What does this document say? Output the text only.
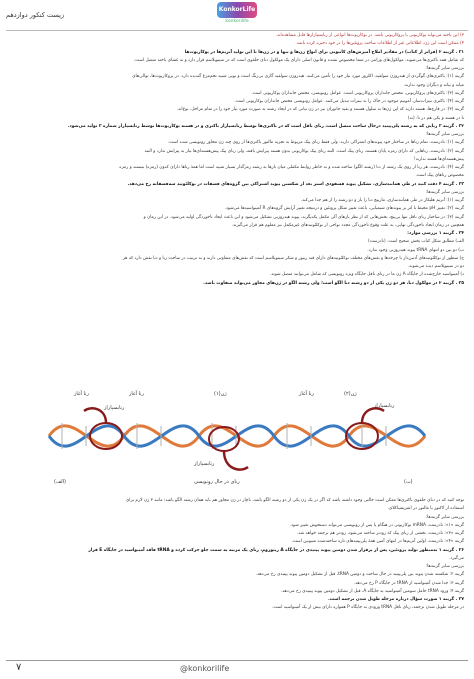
زیست کنکور دوازدهم
KonkorLife
konkorilife

۳) این یاخته می‌تواند یوکاریوتی یا پروکاریوتی باشد. در یوکاریوت‌ها انواعی از رنابسپارازها قابل مشاهده‌اند.

۴) ممکن است این ژن، اطلاعاتی غیر از اطلاعات ساخت پروتئین‌ها را در خود ذخیره کرده باشد.

۳۱ . گزینه ۲ (فراتر از کتاب) در مقادیر املاح آمیزش‌های کاتیونی برای انواع ژن‌ها و تنها و در ژن‌ها تا این تولید آنزیم‌ها در یوکاریوت‌ها

که شامل همه باکتری‌ها می‌شوند. مولکول‌های وراثتی در شما مخصوص نشده و قانون اصلی دارای یک مولکول دنای حلقوی است که در سیتوپلاسم قرار دارد و به غشای یاخته متصل است.

بررسی سایر گزینه‌ها:

گزینه (۱): باکتری‌های گوگردی از هیدروژن سولفید، اکلروز مورد نیاز خود را تأمین می‌کنند. هیدروژن سولفید گازی بی‌رنگ است و بویی شبیه تخم‌مرغ گندیده دارد. در پروکاریوت‌ها، توالی‌های

میانه و بیانه و دیگران وجود ندارند.

گزینه (۳): باکتری‌های پروکاریوتی، مختص جانداران پروکاریوتی است. عوامل رونویسی، مختص جانداران یوکاریوتی است.

گزینه (۴): باکتری نیترات‌ساز، آمونیم موجود در خاک را به نیترات تبدیل می‌کنند. عوامل رونویسی مختص جانداران یوکاریوتی است.

گزینه (۳): در قارچ‌ها، هسته دارند که این ژن‌ها به سلول هستند و بقیه جانوران نیز در ژن بیانی که در ایجاد رشته به صورت مورد نیاز خود را در تمام مراحل، نوع‌اند.

تا در هسته و یکی هم در تا. (نه)

۳۲ . گزینه ۳ رنایی که به رشته پلی‌پپتید درحال ساخت متصل است، رنای ناقل است که در باکتری‌ها توسط رنابسپاراز باکتری و در هسته یوکاریوت‌ها توسط رنابسپاراز شماره ۳ تولید می‌شود.

بررسی سایر گزینه‌ها:

گزینه (۱): نادرست، تمام رناها در ساختار خود پیوندهای اشتراکی دارند. ولی فقط رنای پیک مربوط به تجزیه مالتوز باکتری‌ها از روی چند ژن مجاور رونویسی شده است.

گزینه (۲): نادرست، رناهایی که دارای رمزه پایان هستند، رنای پیک است. البته رنای پیک یوکاریوتی بدون هسته پیرایش یافته، ولی رنای پیک پیش‌هسته‌ای‌ها نیاز به پیرایش ندارد و البته

پیش‌هسته‌ای‌ها هسته ندارند!

گزینه (۴): نادرست، هر رنا از روی یک رشته از دنا (رشته الگو) ساخته شده و به خاطر روابط مکملی میان بازها به رشته رمزگذار بسیار شبیه است اما همهٔ رناها دارای کدون (رمزه) نیستند و رمزه

مخصوص رناهای پیک است.

۳۳ . گزینه ۴ دقت کنید در طی همانندسازی، تشکیل پیوند فسفودی استر بعد از شکستن پیوند اشتراکی بین گروه‌های فسفات در نوکلئوتید سه‌فسفاته رخ می‌دهد.

بررسی سایر گزینه‌ها:

گزینه (۱): آنزیم هلیکاز در طی همانندسازی، مارپیچ دنا را باز و دو رشته را از هم جدا می‌کند.

گزینه (۲): تغییر pH محیط با اثر بر پیوندهای شیمیایی، باعث تغییر شکل پروتئین و درنتیجه تغییر آرایش گروه‌های R آمینواسیدها می‌شود.

گزینه (۳): در ساختار رنای ناقل تنها بی‌پیچ، بخش‌هایی که از نظر بازهای آلی مکمل یکدیگرند، پیوند هیدروژنی تشکیل می‌شود و این باعث ایجاد تاخوردگی اولیه می‌شود. در این زمان و

همچنین در زمان ایجاد تاخوردگی نهایی، به علت وقوع تاخوردگی مجدد نواحی از نوکلئوتیدهای غیرمکمل نیز معلوم هم قرار می‌گیرند.

۳۴ . گزینه ۱ بررسی موارد:

الف) مطابق شکل کتاب یخش صحیح است. (نادرست)

ب) دو بین دو انتهای tRNA پیوند هیدروژنی وجود ندارد.

ج) منظور از نوکلئوتیدهای آدنین‌دار با چرخه‌ها و نقش‌های مختلف نوکلئوتیدهای دارای قند ریبوز و شکر سیتوپلاسم است که نقش‌های متفاوتی دارند و به ترتیب در ساخت رنا و دنا نقش دارد که هر

دو در سیتوپلاسم دیده می‌شوند.

د) آمینواسید خارج‌شده از جایگاه A ژن ما در رنای ناقل جایگاه ویژه رونویسی که شامل می‌توانند متصل شوند.

۳۵ . گزینه ۲ در مولکول دنا، هر دو ژن یکی از دو رشته دنا الگو است؛ ولی رشته الگو در ژن‌های مجاور می‌تواند متفاوت باشد.

رنا آغاز	رنا آغاز	ژن(۱)	رنا آغاز
رنابسپاراز
رنابسپاراز
ژن(۲)
رنابسپاراز
رنای در حال رونویسی
(الف)	(ب)

توجه کنید که در دنای حلقوی باکتری‌ها ممکن است حالتی وجود داشته باشد که اگر در یک ژن یکی از دو رشته الگو باشد، ناچار در ژن مجاور هم باید همان رشته الگو باشد؛ مانند ۳ ژن لازم برای

استفاده از لاکتوز یا مالتوز در اشریشیاکلای.

بررسی سایر گزینه‌ها:

گزینه «۱»: نادرست، mRNA یوکاریوتی در هنگام یا پس از رونویسی می‌تواند دستخوش تغییر شود.

گزینه «۳»: نادرست، بخشی از رنای پیک که زودتر ساخته می‌شود، زودتر هم ترجمه خواهد شد.

گزینه «۴»: نادرست، اولین آنزیم‌ها در انتهای آمین همهٔ پلی‌پپتیدهای تازه ساخته‌شده متیونین است.

۳۶ . گزینه ۱ به‌منظور تولید پروتئین، پس از برقرار شدن دومین پیوند پپتیدی در جایگاه A ریبوزوم، رنای یک مرتبه به سمت جلو حرکت کرده و tRNA فاقد آمینواسید در جایگاه E قرار

می‌گیرد.

بررسی سایر گزینه‌ها:

گزینه ۲: شکسته شدن پیوند بین پلی‌پپتید در حال ساخت و دومین tRNA، قبل از تشکیل دومین پیوند پپتیدی رخ می‌دهد.

گزینه ۳: جدا شدن آمینواسید از tRNA در جایگاه P رخ می‌دهد.

گزینه ۴: ورود tRNA حامل سومین آمینواسید به جایگاه A، قبل از تشکیل دومین پیوند پپتیدی رخ می‌دهد.

۳۷ . گزینه ۱ صورت سؤال درباره مرحله طویل شدن ترجمه است.

در مرحله طویل شدن ترجمه، رنای ناقل tRNA ورودی به جایگاه P همواره دارای بیش از یک آمینواسید است.

۷	@konkorilife
